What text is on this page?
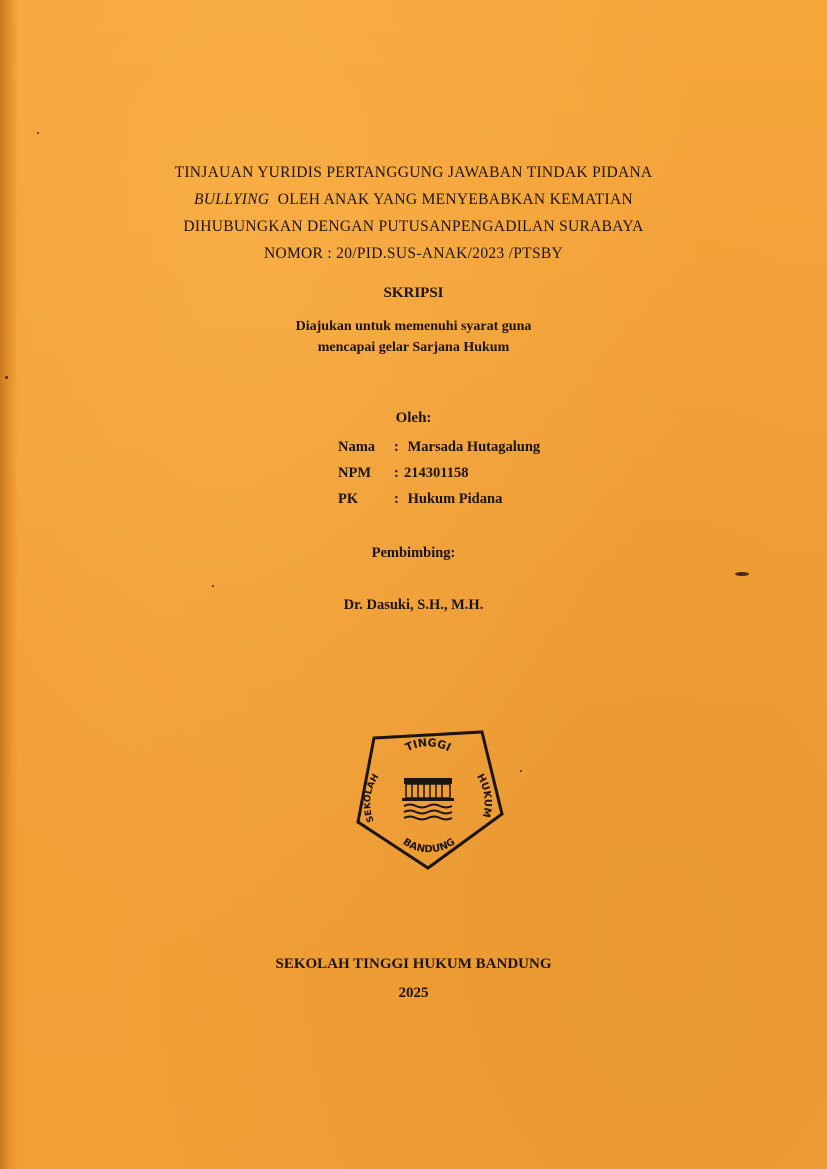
TINJAUAN YURIDIS PERTANGGUNG JAWABAN TINDAK PIDANA
BULLYING OLEH ANAK YANG MENYEBABKAN KEMATIAN
DIHUBUNGKAN DENGAN PUTUSANPENGADILAN SURABAYA
NOMOR : 20/PID.SUS-ANAK/2023 /PTSBY
SKRIPSI
Diajukan untuk memenuhi syarat guna
mencapai gelar Sarjana Hukum
Oleh:
Nama : Marsada Hutagalung
NPM : 214301158
PK : Hukum Pidana
Pembimbing:
Dr. Dasuki, S.H., M.H.
TINGGI
SEKOLAH	HUKUM
BANDUNG
SEKOLAH TINGGI HUKUM BANDUNG
2025
